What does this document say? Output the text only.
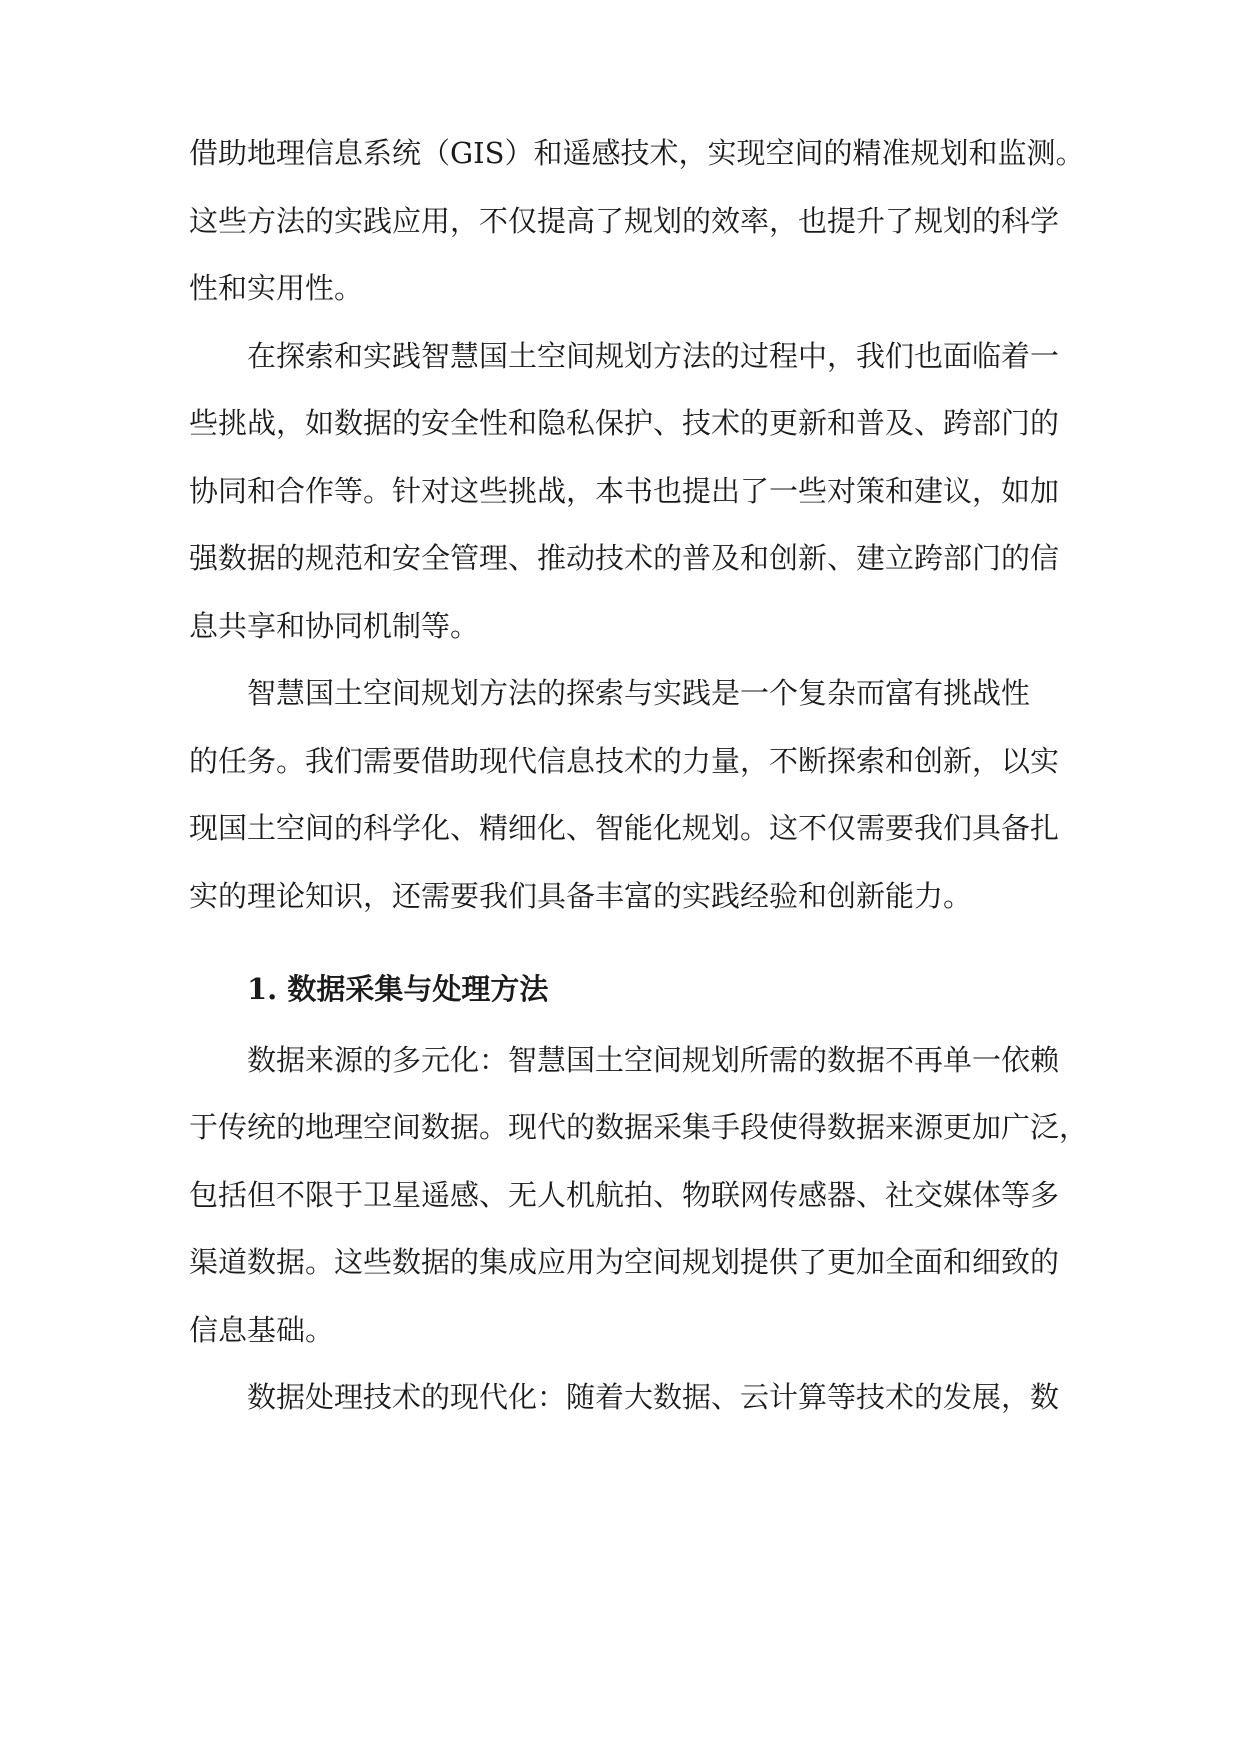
借助地理信息系统（GIS）和遥感技术，实现空间的精准规划和监测。
这些方法的实践应用，不仅提高了规划的效率，也提升了规划的科学
性和实用性。
在探索和实践智慧国土空间规划方法的过程中，我们也面临着一
些挑战，如数据的安全性和隐私保护、技术的更新和普及、跨部门的
协同和合作等。针对这些挑战，本书也提出了一些对策和建议，如加
强数据的规范和安全管理、推动技术的普及和创新、建立跨部门的信
息共享和协同机制等。
智慧国土空间规划方法的探索与实践是一个复杂而富有挑战性
的任务。我们需要借助现代信息技术的力量，不断探索和创新，以实
现国土空间的科学化、精细化、智能化规划。这不仅需要我们具备扎
实的理论知识，还需要我们具备丰富的实践经验和创新能力。
1. 数据采集与处理方法
数据来源的多元化：智慧国土空间规划所需的数据不再单一依赖
于传统的地理空间数据。现代的数据采集手段使得数据来源更加广泛，
包括但不限于卫星遥感、无人机航拍、物联网传感器、社交媒体等多
渠道数据。这些数据的集成应用为空间规划提供了更加全面和细致的
信息基础。
数据处理技术的现代化：随着大数据、云计算等技术的发展，数
